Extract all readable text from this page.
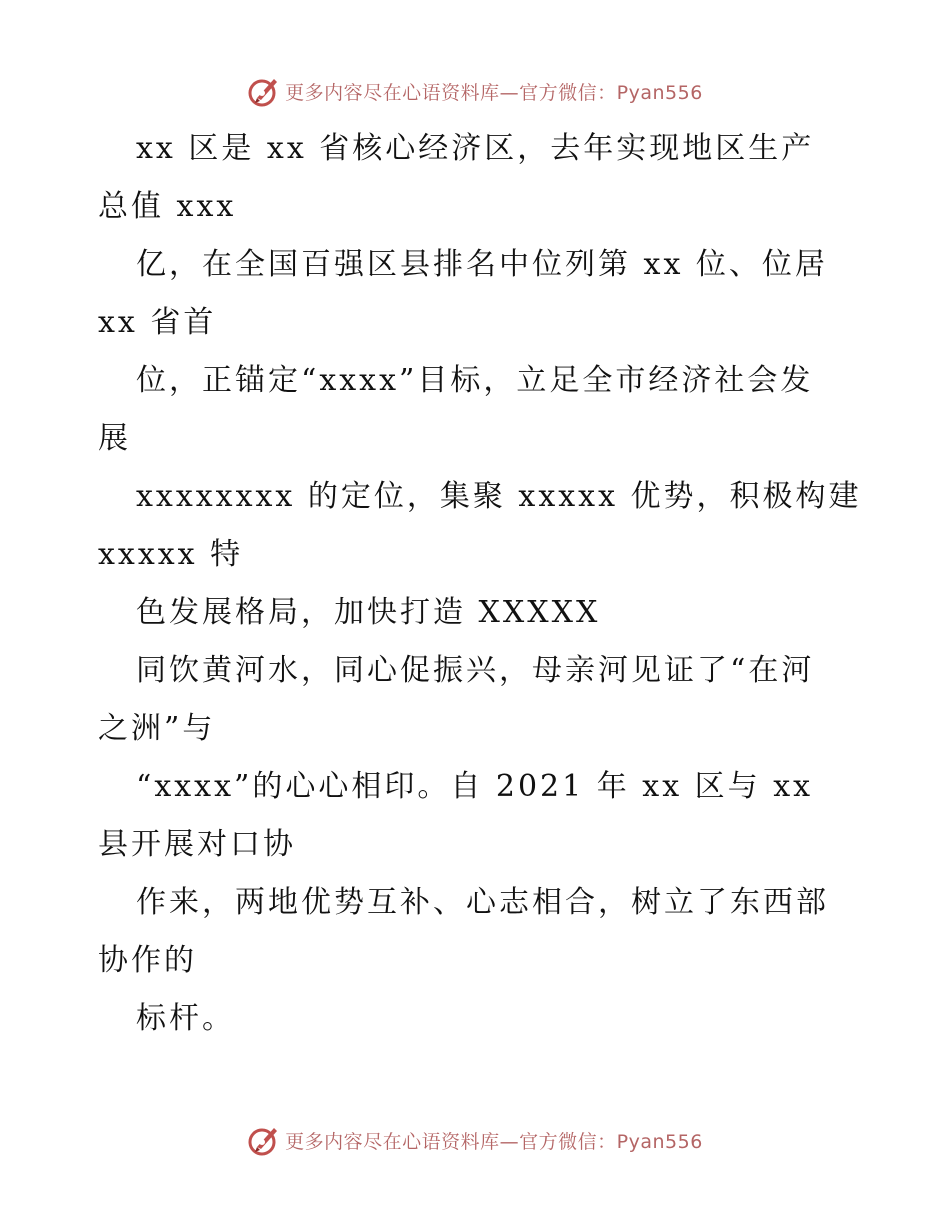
更多内容尽在心语资料库—官方微信：Pyan556
xx 区是 xx 省核心经济区，去年实现地区生产
总值 xxx
亿，在全国百强区县排名中位列第 xx 位、位居
xx 省首
位，正锚定“xxxx”目标，立足全市经济社会发
展
xxxxxxxx 的定位，集聚 xxxxx 优势，积极构建
xxxxx 特
色发展格局，加快打造 XXXXX
同饮黄河水，同心促振兴，母亲河见证了“在河
之洲”与
“xxxx”的心心相印。自 2021 年 xx 区与 xx
县开展对口协
作来，两地优势互补、心志相合，树立了东西部
协作的
标杆。
更多内容尽在心语资料库—官方微信：Pyan556
